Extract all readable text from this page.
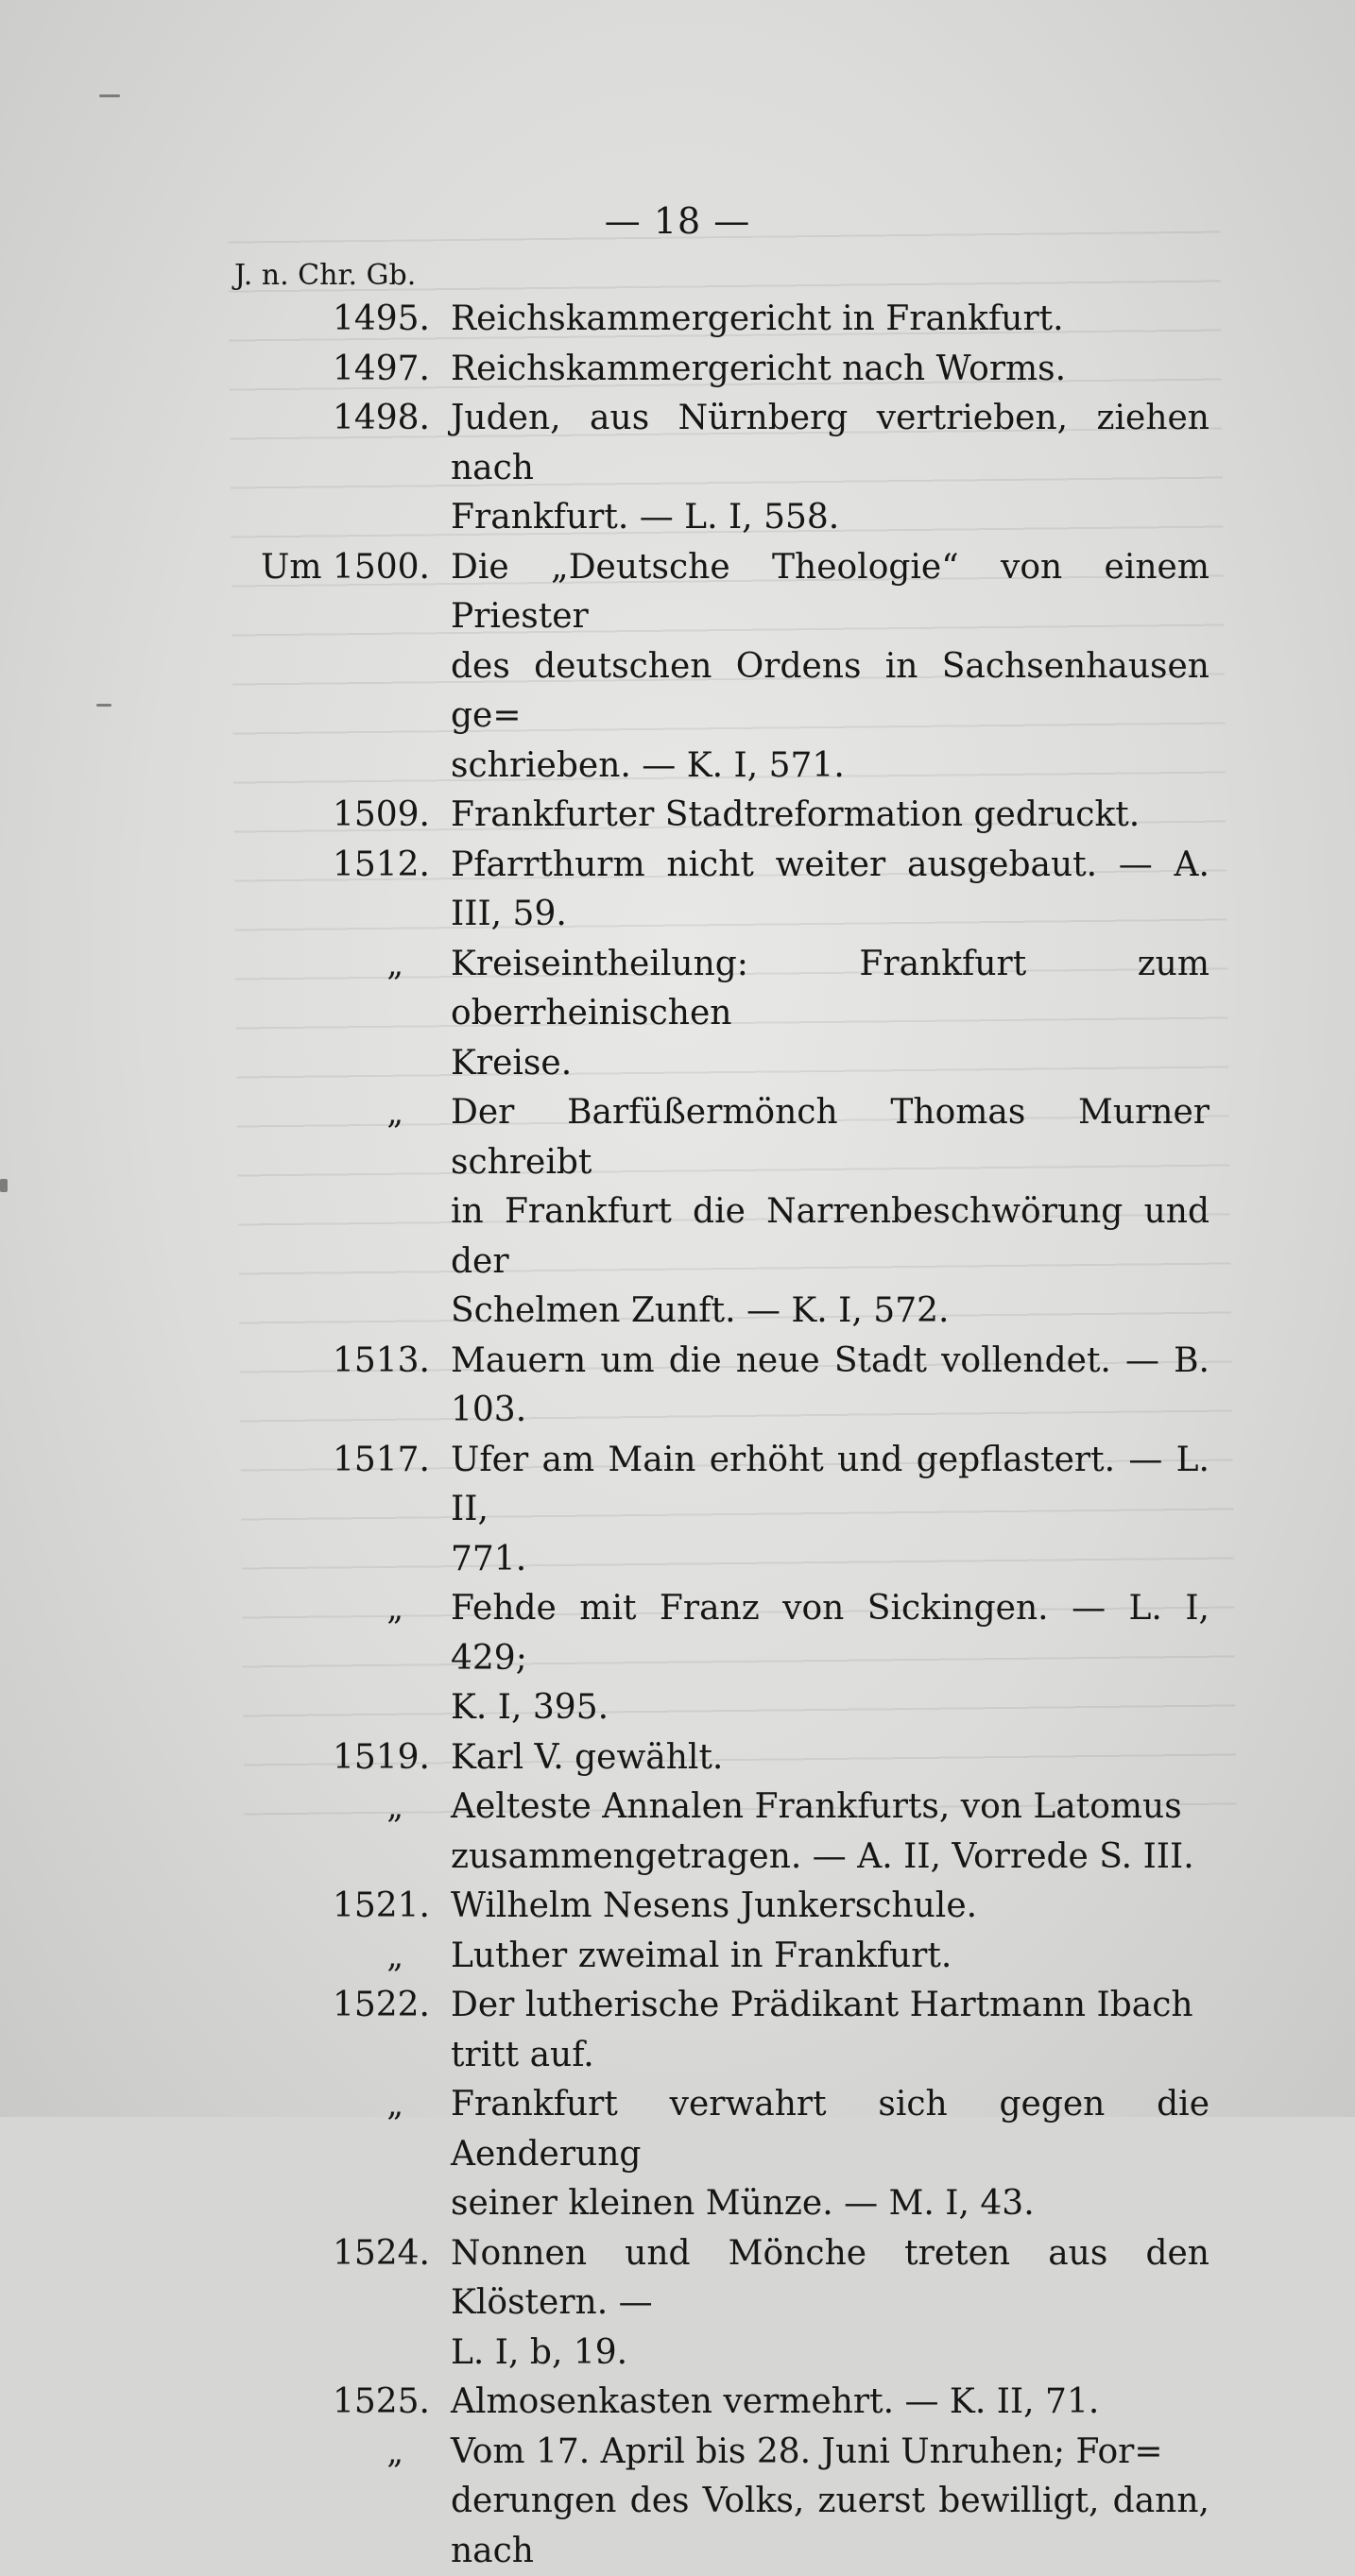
— 18 —
J. n. Chr. Gb.
1495. Reichskammergericht in Frankfurt.
1497. Reichskammergericht nach Worms.
1498. Juden, aus Nürnberg vertrieben, ziehen nach
Frankfurt. — L. I, 558.
Um 1500. Die „Deutsche Theologie“ von einem Priester
des deutschen Ordens in Sachsenhausen ge=
schrieben. — K. I, 571.
1509. Frankfurter Stadtreformation gedruckt.
1512. Pfarrthurm nicht weiter ausgebaut. — A. III, 59.
„	Kreiseintheilung: Frankfurt zum oberrheinischen
Kreise.
„	Der Barfüßermönch Thomas Murner schreibt
in Frankfurt die Narrenbeschwörung und der
Schelmen Zunft. — K. I, 572.
1513. Mauern um die neue Stadt vollendet. — B. 103.
1517. Ufer am Main erhöht und gepflastert. — L. II,
771.
„	Fehde mit Franz von Sickingen. — L. I, 429;
K. I, 395.
1519. Karl V. gewählt.
„	Aelteste Annalen Frankfurts, von Latomus
zusammengetragen. — A. II, Vorrede S. III.
1521. Wilhelm Nesens Junkerschule.
„	Luther zweimal in Frankfurt.
1522. Der lutherische Prädikant Hartmann Ibach
tritt auf.
„	Frankfurt verwahrt sich gegen die Aenderung
seiner kleinen Münze. — M. I, 43.
1524. Nonnen und Mönche treten aus den Klöstern. —
L. I, b, 19.
1525. Almosenkasten vermehrt. — K. II, 71.
„	Vom 17. April bis 28. Juni Unruhen; For=
derungen des Volks, zuerst bewilligt, dann, nach
